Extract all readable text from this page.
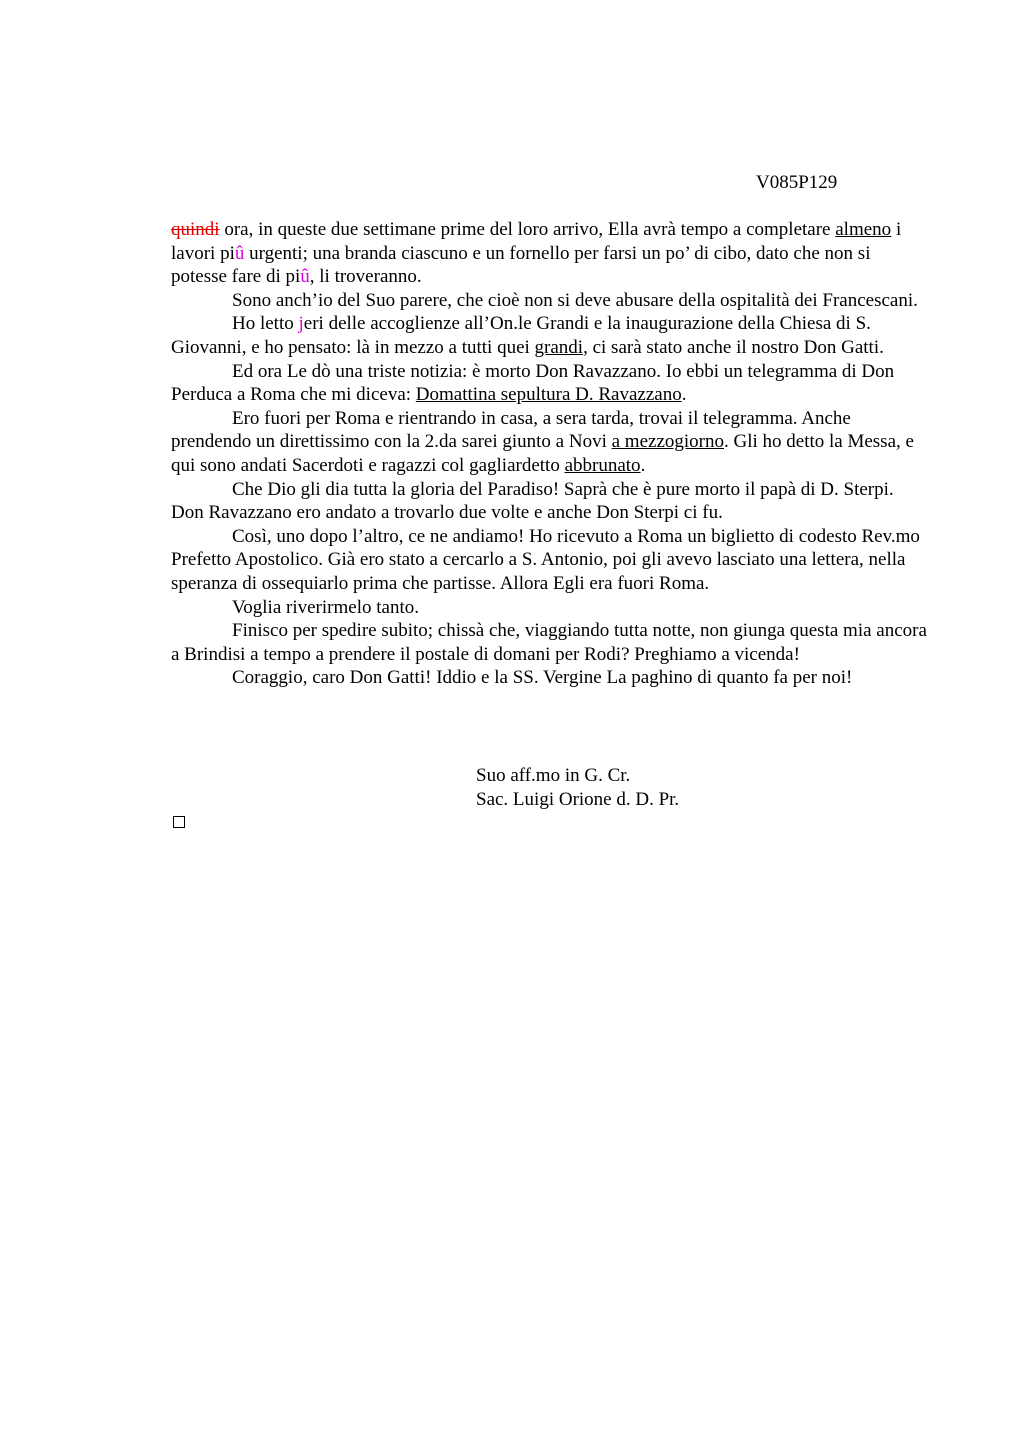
V085P129

quindi ora, in queste due settimane prime del loro arrivo, Ella avrà tempo a completare almeno i lavori piû urgenti; una branda ciascuno e un fornello per farsi un po’ di cibo, dato che non si potesse fare di piû, li troveranno.

Sono anch’io del Suo parere, che cioè non si deve abusare della ospitalità dei Francescani.

Ho letto jeri delle accoglienze all’On.le Grandi e la inaugurazione della Chiesa di S. Giovanni, e ho pensato: là in mezzo a tutti quei grandi, ci sarà stato anche il nostro Don Gatti.

Ed ora Le dò una triste notizia: è morto Don Ravazzano. Io ebbi un telegramma di Don Perduca a Roma che mi diceva: Domattina sepultura D. Ravazzano.

Ero fuori per Roma e rientrando in casa, a sera tarda, trovai il telegramma. Anche prendendo un direttissimo con la 2.da sarei giunto a Novi a mezzogiorno. Gli ho detto la Messa, e qui sono andati Sacerdoti e ragazzi col gagliardetto abbrunato.

Che Dio gli dia tutta la gloria del Paradiso! Saprà che è pure morto il papà di D. Sterpi. Don Ravazzano ero andato a trovarlo due volte e anche Don Sterpi ci fu.

Così, uno dopo l’altro, ce ne andiamo! Ho ricevuto a Roma un biglietto di codesto Rev.mo Prefetto Apostolico. Già ero stato a cercarlo a S. Antonio, poi gli avevo lasciato una lettera, nella speranza di ossequiarlo prima che partisse. Allora Egli era fuori Roma.

Voglia riverirmelo tanto.

Finisco per spedire subito; chissà che, viaggiando tutta notte, non giunga questa mia ancora a Brindisi a tempo a prendere il postale di domani per Rodi? Preghiamo a vicenda!

Coraggio, caro Don Gatti! Iddio e la SS. Vergine La paghino di quanto fa per noi!

Suo aff.mo in G. Cr.
Sac. Luigi Orione d. D. Pr.
